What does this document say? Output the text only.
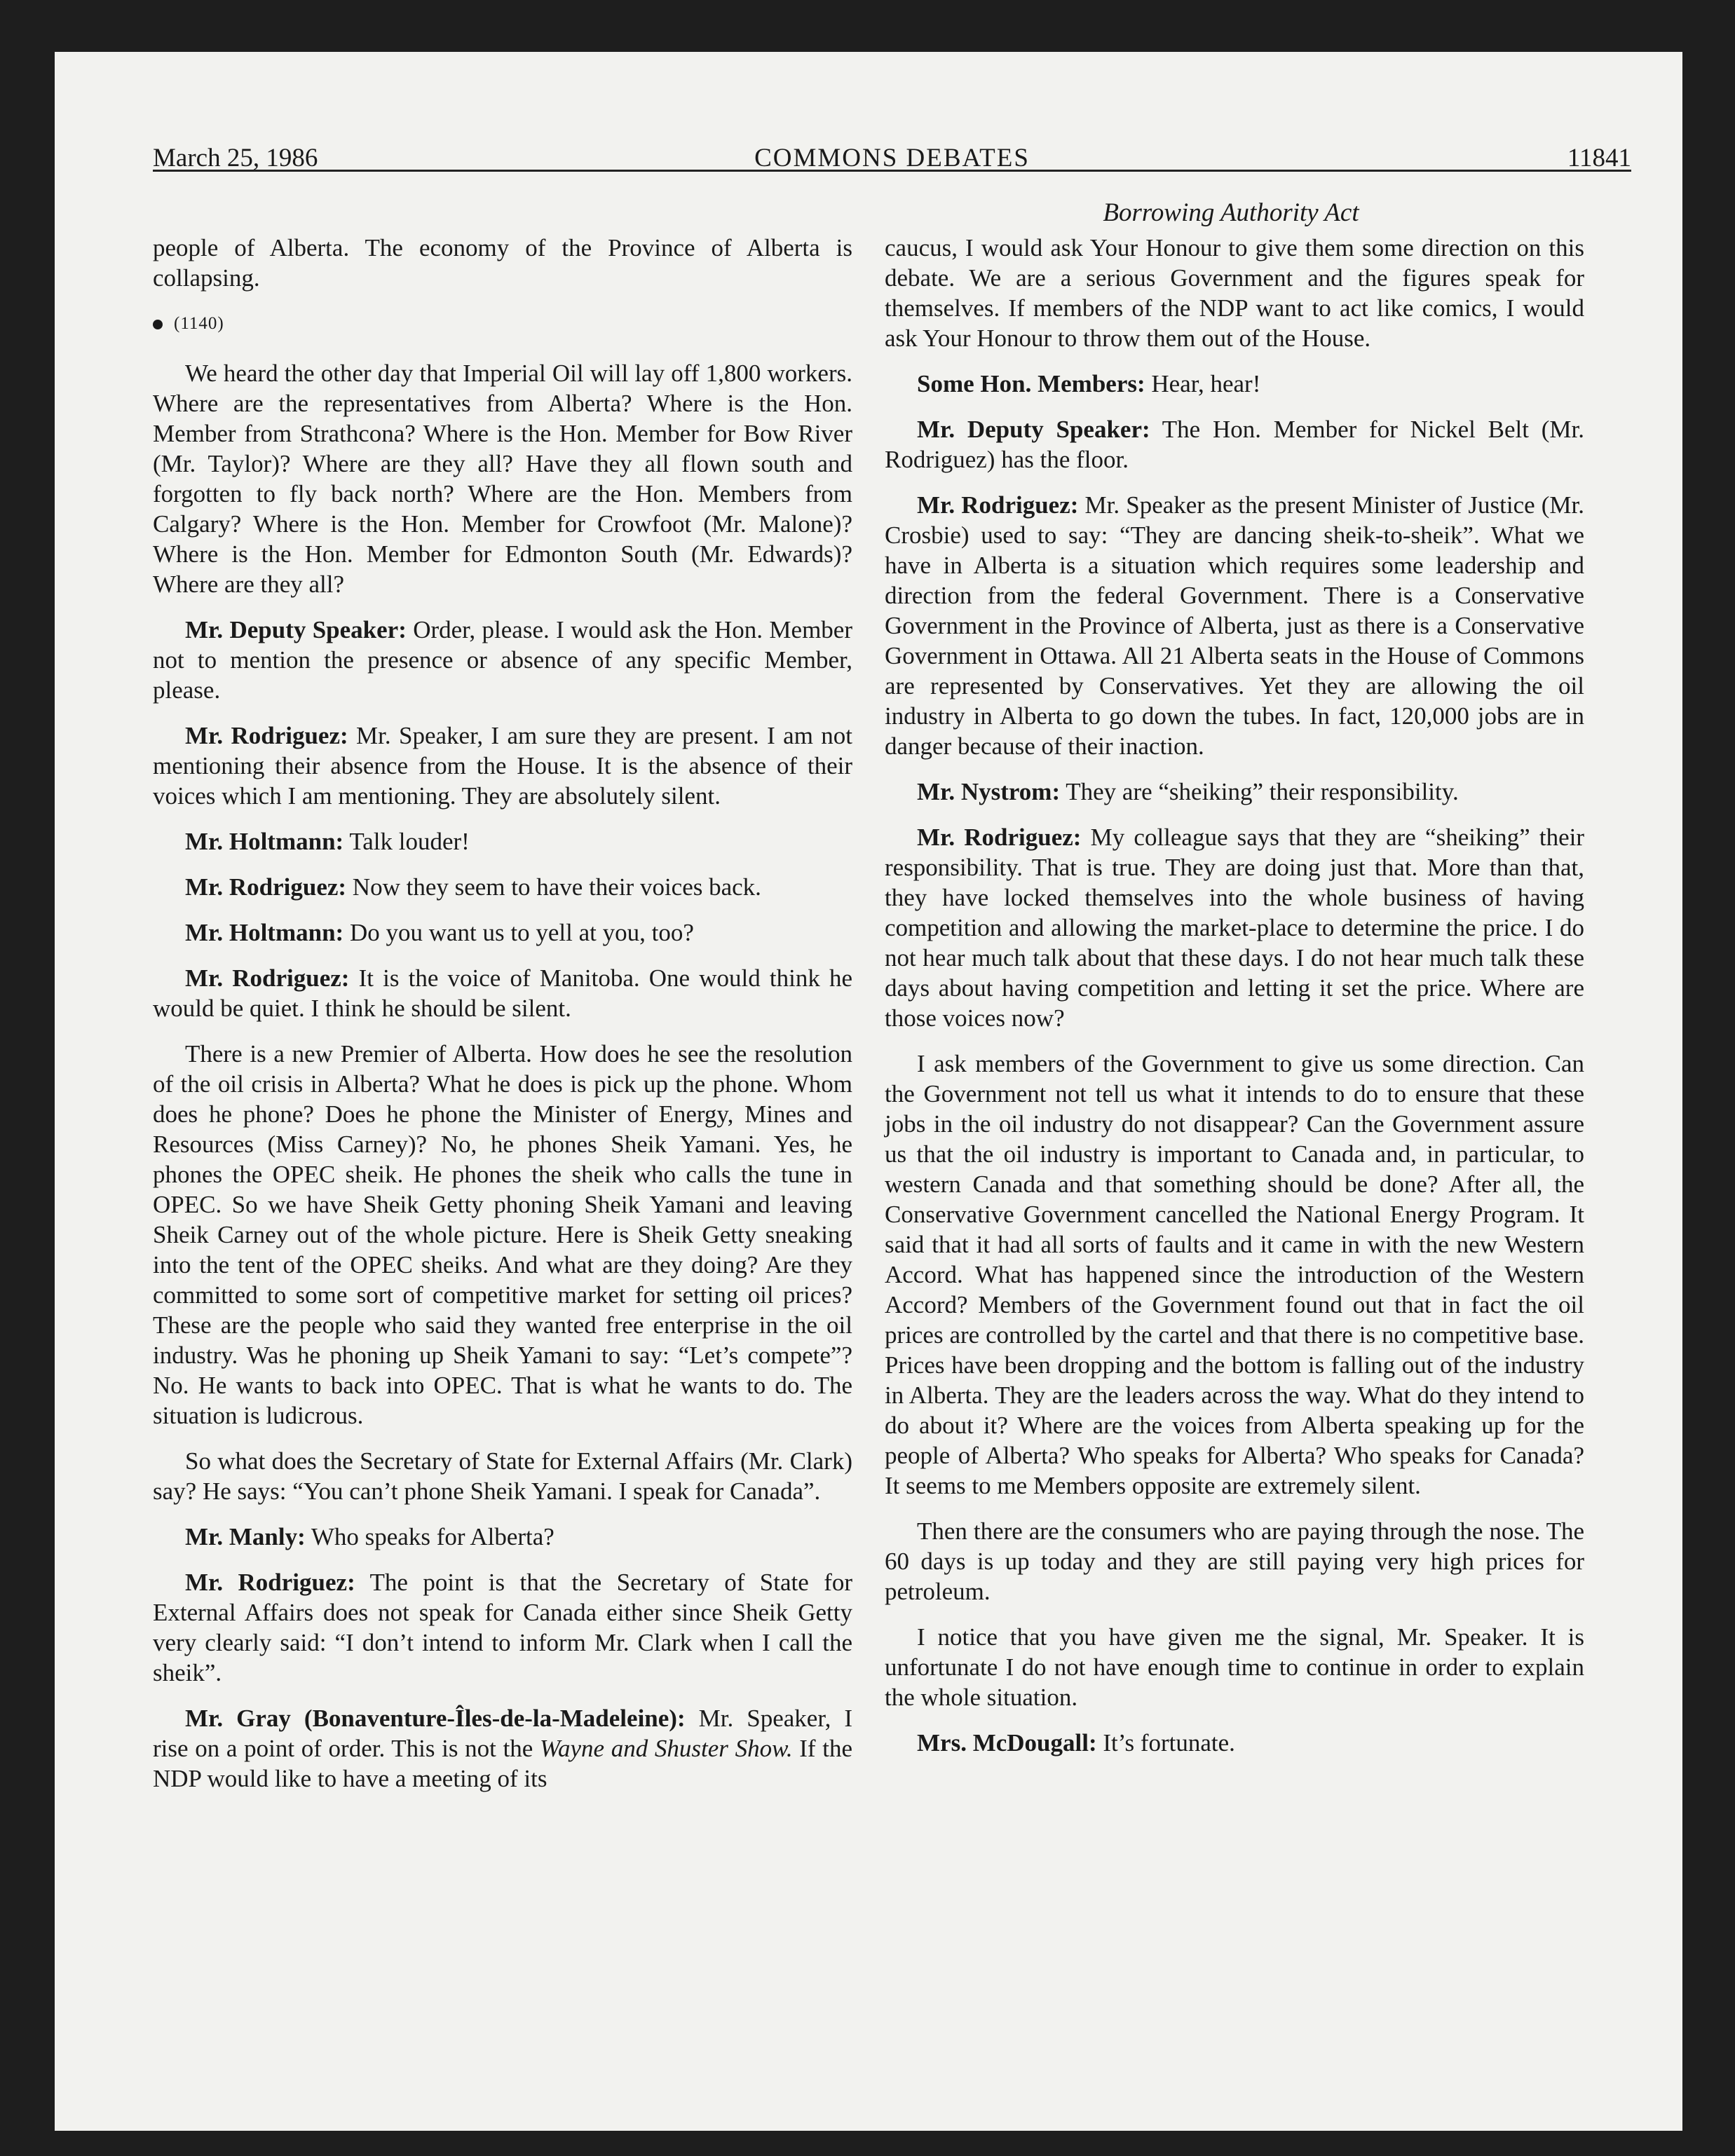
March 25, 1986	COMMONS DEBATES	11841
Borrowing Authority Act

people of Alberta. The economy of the Province of Alberta is collapsing.

(1140)

We heard the other day that Imperial Oil will lay off 1,800 workers. Where are the representatives from Alberta? Where is the Hon. Member from Strathcona? Where is the Hon. Member for Bow River (Mr. Taylor)? Where are they all? Have they all flown south and forgotten to fly back north? Where are the Hon. Members from Calgary? Where is the Hon. Member for Crowfoot (Mr. Malone)? Where is the Hon. Member for Edmonton South (Mr. Edwards)? Where are they all?

Mr. Deputy Speaker: Order, please. I would ask the Hon. Member not to mention the presence or absence of any specific Member, please.

Mr. Rodriguez: Mr. Speaker, I am sure they are present. I am not mentioning their absence from the House. It is the absence of their voices which I am mentioning. They are absolutely silent.

Mr. Holtmann: Talk louder!

Mr. Rodriguez: Now they seem to have their voices back.

Mr. Holtmann: Do you want us to yell at you, too?

Mr. Rodriguez: It is the voice of Manitoba. One would think he would be quiet. I think he should be silent.

There is a new Premier of Alberta. How does he see the resolution of the oil crisis in Alberta? What he does is pick up the phone. Whom does he phone? Does he phone the Minister of Energy, Mines and Resources (Miss Carney)? No, he phones Sheik Yamani. Yes, he phones the OPEC sheik. He phones the sheik who calls the tune in OPEC. So we have Sheik Getty phoning Sheik Yamani and leaving Sheik Carney out of the whole picture. Here is Sheik Getty sneaking into the tent of the OPEC sheiks. And what are they doing? Are they committed to some sort of competitive market for setting oil prices? These are the people who said they wanted free enterprise in the oil industry. Was he phoning up Sheik Yamani to say: “Let’s compete”? No. He wants to back into OPEC. That is what he wants to do. The situation is ludicrous.

So what does the Secretary of State for External Affairs (Mr. Clark) say? He says: “You can’t phone Sheik Yamani. I speak for Canada”.

Mr. Manly: Who speaks for Alberta?

Mr. Rodriguez: The point is that the Secretary of State for External Affairs does not speak for Canada either since Sheik Getty very clearly said: “I don’t intend to inform Mr. Clark when I call the sheik”.

Mr. Gray (Bonaventure-Îles-de-la-Madeleine): Mr. Speaker, I rise on a point of order. This is not the Wayne and Shuster Show. If the NDP would like to have a meeting of its

caucus, I would ask Your Honour to give them some direction on this debate. We are a serious Government and the figures speak for themselves. If members of the NDP want to act like comics, I would ask Your Honour to throw them out of the House.

Some Hon. Members: Hear, hear!

Mr. Deputy Speaker: The Hon. Member for Nickel Belt (Mr. Rodriguez) has the floor.

Mr. Rodriguez: Mr. Speaker as the present Minister of Justice (Mr. Crosbie) used to say: “They are dancing sheik-to-sheik”. What we have in Alberta is a situation which requires some leadership and direction from the federal Government. There is a Conservative Government in the Province of Alberta, just as there is a Conservative Government in Ottawa. All 21 Alberta seats in the House of Commons are represented by Conservatives. Yet they are allowing the oil industry in Alberta to go down the tubes. In fact, 120,000 jobs are in danger because of their inaction.

Mr. Nystrom: They are “sheiking” their responsibility.

Mr. Rodriguez: My colleague says that they are “sheiking” their responsibility. That is true. They are doing just that. More than that, they have locked themselves into the whole business of having competition and allowing the market-place to determine the price. I do not hear much talk about that these days. I do not hear much talk these days about having competition and letting it set the price. Where are those voices now?

I ask members of the Government to give us some direction. Can the Government not tell us what it intends to do to ensure that these jobs in the oil industry do not disappear? Can the Government assure us that the oil industry is important to Canada and, in particular, to western Canada and that something should be done? After all, the Conservative Government cancelled the National Energy Program. It said that it had all sorts of faults and it came in with the new Western Accord. What has happened since the introduction of the Western Accord? Members of the Government found out that in fact the oil prices are controlled by the cartel and that there is no competitive base. Prices have been dropping and the bottom is falling out of the industry in Alberta. They are the leaders across the way. What do they intend to do about it? Where are the voices from Alberta speaking up for the people of Alberta? Who speaks for Alberta? Who speaks for Canada? It seems to me Members opposite are extremely silent.

Then there are the consumers who are paying through the nose. The 60 days is up today and they are still paying very high prices for petroleum.

I notice that you have given me the signal, Mr. Speaker. It is unfortunate I do not have enough time to continue in order to explain the whole situation.

Mrs. McDougall: It’s fortunate.
